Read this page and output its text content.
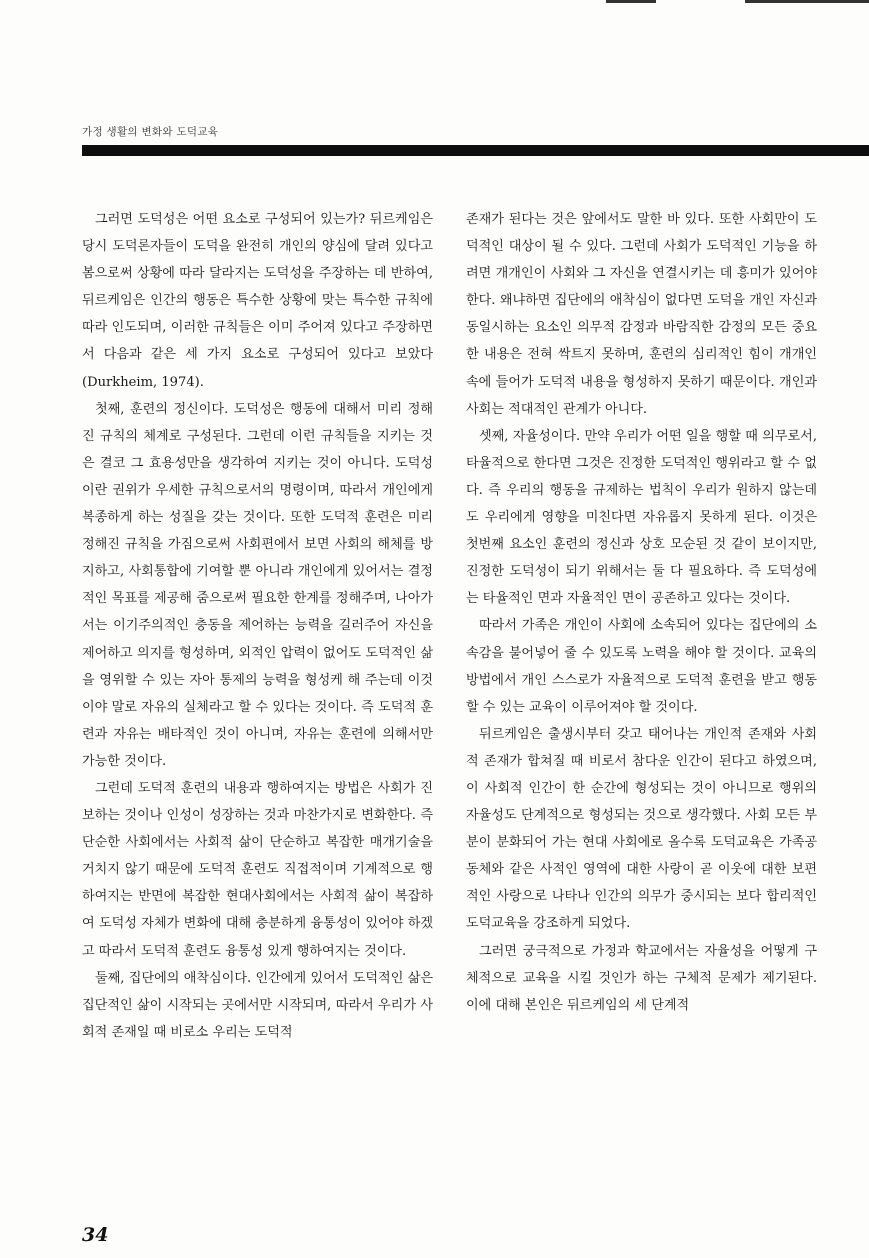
가정 생활의 변화와 도덕교육

그러면 도덕성은 어떤 요소로 구성되어 있는가? 뒤르케임은 당시 도덕론자들이 도덕을 완전히 개인의 양심에 달려 있다고 봄으로써 상황에 따라 달라지는 도덕성을 주장하는 데 반하여, 뒤르케임은 인간의 행동은 특수한 상황에 맞는 특수한 규칙에 따라 인도되며, 이러한 규칙들은 이미 주어져 있다고 주장하면서 다음과 같은 세 가지 요소로 구성되어 있다고 보았다 (Durkheim, 1974).

첫째, 훈련의 정신이다. 도덕성은 행동에 대해서 미리 정해진 규칙의 체계로 구성된다. 그런데 이런 규칙들을 지키는 것은 결코 그 효용성만을 생각하여 지키는 것이 아니다. 도덕성이란 권위가 우세한 규칙으로서의 명령이며, 따라서 개인에게 복종하게 하는 성질을 갖는 것이다. 또한 도덕적 훈련은 미리 정해진 규칙을 가짐으로써 사회편에서 보면 사회의 해체를 방지하고, 사회통합에 기여할 뿐 아니라 개인에게 있어서는 결정적인 목표를 제공해 줌으로써 필요한 한계를 정해주며, 나아가서는 이기주의적인 충동을 제어하는 능력을 길러주어 자신을 제어하고 의지를 형성하며, 외적인 압력이 없어도 도덕적인 삶을 영위할 수 있는 자아 통제의 능력을 형성케 해 주는데 이것이야 말로 자유의 실체라고 할 수 있다는 것이다. 즉 도덕적 훈련과 자유는 배타적인 것이 아니며, 자유는 훈련에 의해서만 가능한 것이다.

그런데 도덕적 훈련의 내용과 행하여지는 방법은 사회가 진보하는 것이나 인성이 성장하는 것과 마찬가지로 변화한다. 즉 단순한 사회에서는 사회적 삶이 단순하고 복잡한 매개기술을 거치지 않기 때문에 도덕적 훈련도 직접적이며 기계적으로 행하여지는 반면에 복잡한 현대사회에서는 사회적 삶이 복잡하여 도덕성 자체가 변화에 대해 충분하게 융통성이 있어야 하겠고 따라서 도덕적 훈련도 융통성 있게 행하여지는 것이다.

둘째, 집단에의 애착심이다. 인간에게 있어서 도덕적인 삶은 집단적인 삶이 시작되는 곳에서만 시작되며, 따라서 우리가 사회적 존재일 때 비로소 우리는 도덕적

존재가 된다는 것은 앞에서도 말한 바 있다. 또한 사회만이 도덕적인 대상이 될 수 있다. 그런데 사회가 도덕적인 기능을 하려면 개개인이 사회와 그 자신을 연결시키는 데 흥미가 있어야 한다. 왜냐하면 집단에의 애착심이 없다면 도덕을 개인 자신과 동일시하는 요소인 의무적 감정과 바람직한 감정의 모든 중요한 내용은 전혀 싹트지 못하며, 훈련의 심리적인 힘이 개개인 속에 들어가 도덕적 내용을 형성하지 못하기 때문이다. 개인과 사회는 적대적인 관계가 아니다.

셋째, 자율성이다. 만약 우리가 어떤 일을 행할 때 의무로서, 타율적으로 한다면 그것은 진정한 도덕적인 행위라고 할 수 없다. 즉 우리의 행동을 규제하는 법칙이 우리가 원하지 않는데도 우리에게 영향을 미친다면 자유롭지 못하게 된다. 이것은 첫번째 요소인 훈련의 정신과 상호 모순된 것 같이 보이지만, 진정한 도덕성이 되기 위해서는 둘 다 필요하다. 즉 도덕성에는 타율적인 면과 자율적인 면이 공존하고 있다는 것이다.

따라서 가족은 개인이 사회에 소속되어 있다는 집단에의 소속감을 불어넣어 줄 수 있도록 노력을 해야 할 것이다. 교육의 방법에서 개인 스스로가 자율적으로 도덕적 훈련을 받고 행동할 수 있는 교육이 이루어져야 할 것이다.

뒤르케임은 출생시부터 갖고 태어나는 개인적 존재와 사회적 존재가 합쳐질 때 비로서 참다운 인간이 된다고 하였으며, 이 사회적 인간이 한 순간에 형성되는 것이 아니므로 행위의 자율성도 단계적으로 형성되는 것으로 생각했다. 사회 모든 부분이 분화되어 가는 현대 사회에로 올수록 도덕교육은 가족공동체와 같은 사적인 영역에 대한 사랑이 곧 이웃에 대한 보편적인 사랑으로 나타나 인간의 의무가 중시되는 보다 합리적인 도덕교육을 강조하게 되었다.

그러면 궁극적으로 가정과 학교에서는 자율성을 어떻게 구체적으로 교육을 시킬 것인가 하는 구체적 문제가 제기된다. 이에 대해 본인은 뒤르케임의 세 단계적

34
